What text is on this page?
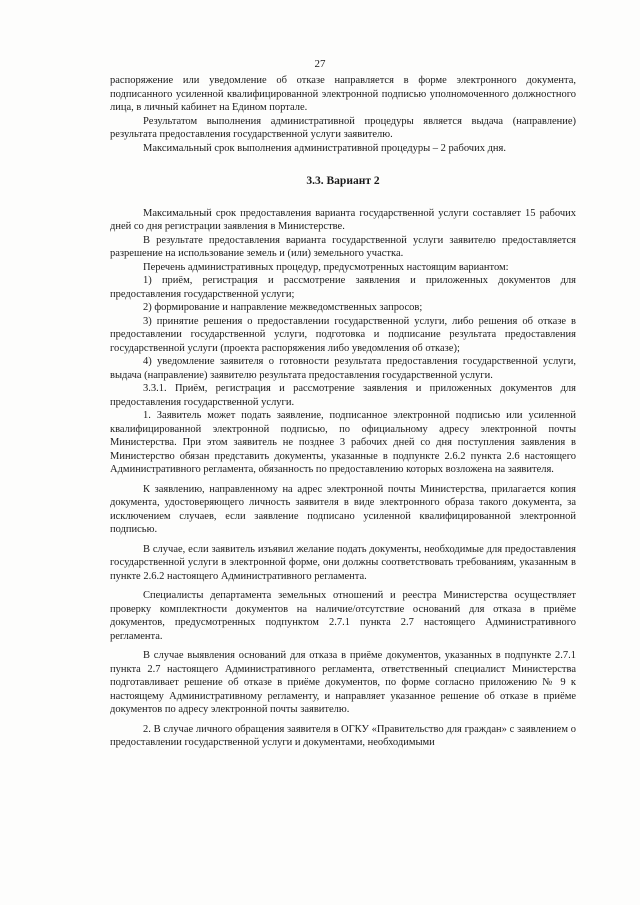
27

распоряжение или уведомление об отказе направляется в форме электронного документа, подписанного усиленной квалифицированной электронной подписью уполномоченного должностного лица, в личный кабинет на Едином портале.

Результатом выполнения административной процедуры является выдача (направление) результата предоставления государственной услуги заявителю.

Максимальный срок выполнения административной процедуры – 2 рабочих дня.

3.3. Вариант 2

Максимальный срок предоставления варианта государственной услуги составляет 15 рабочих дней со дня регистрации заявления в Министерстве.

В результате предоставления варианта государственной услуги заявителю предоставляется разрешение на использование земель и (или) земельного участка.

Перечень административных процедур, предусмотренных настоящим вариантом:

1) приём, регистрация и рассмотрение заявления и приложенных документов для предоставления государственной услуги;

2) формирование и направление межведомственных запросов;

3) принятие решения о предоставлении государственной услуги, либо решения об отказе в предоставлении государственной услуги, подготовка и подписание результата предоставления государственной услуги (проекта распоряжения либо уведомления об отказе);

4) уведомление заявителя о готовности результата предоставления государственной услуги, выдача (направление) заявителю результата предоставления государственной услуги.

3.3.1. Приём, регистрация и рассмотрение заявления и приложенных документов для предоставления государственной услуги.

1. Заявитель может подать заявление, подписанное электронной подписью или усиленной квалифицированной электронной подписью, по официальному адресу электронной почты Министерства. При этом заявитель не позднее 3 рабочих дней со дня поступления заявления в Министерство обязан представить документы, указанные в подпункте 2.6.2 пункта 2.6 настоящего Административного регламента, обязанность по предоставлению которых возложена на заявителя.

К заявлению, направленному на адрес электронной почты Министерства, прилагается копия документа, удостоверяющего личность заявителя в виде электронного образа такого документа, за исключением случаев, если заявление подписано усиленной квалифицированной электронной подписью.

В случае, если заявитель изъявил желание подать документы, необходимые для предоставления государственной услуги в электронной форме, они должны соответствовать требованиям, указанным в пункте 2.6.2 настоящего Административного регламента.

Специалисты департамента земельных отношений и реестра Министерства осуществляет проверку комплектности документов на наличие/отсутствие оснований для отказа в приёме документов, предусмотренных подпунктом 2.7.1 пункта 2.7 настоящего Административного регламента.

В случае выявления оснований для отказа в приёме документов, указанных в подпункте 2.7.1 пункта 2.7 настоящего Административного регламента, ответственный специалист Министерства подготавливает решение об отказе в приёме документов, по форме согласно приложению № 9 к настоящему Административному регламенту, и направляет указанное решение об отказе в приёме документов по адресу электронной почты заявителю.

2. В случае личного обращения заявителя в ОГКУ «Правительство для граждан» с заявлением о предоставлении государственной услуги и документами, необходимыми
